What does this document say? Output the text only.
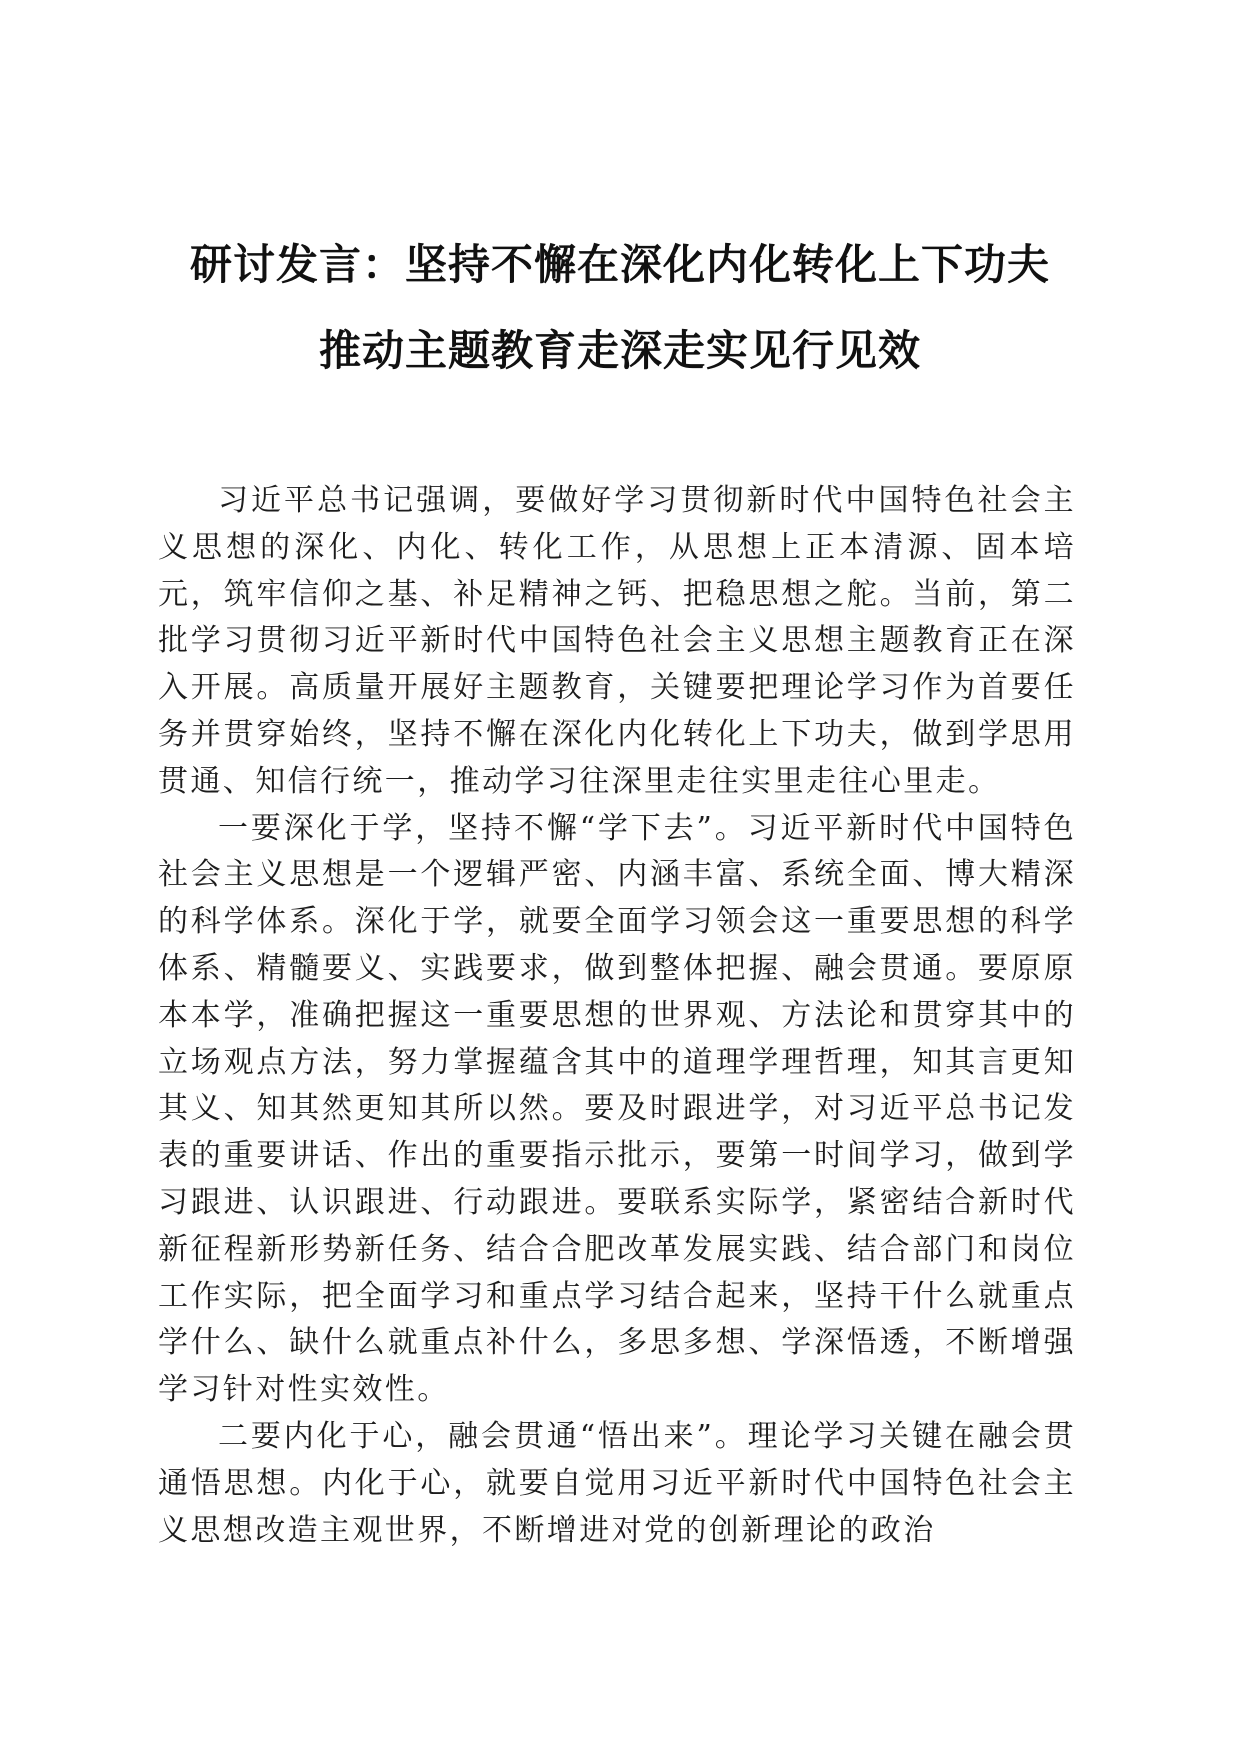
研讨发言：坚持不懈在深化内化转化上下功夫
推动主题教育走深走实见行见效

习近平总书记强调，要做好学习贯彻新时代中国特色社会主义思想的深化、内化、转化工作，从思想上正本清源、固本培元，筑牢信仰之基、补足精神之钙、把稳思想之舵。当前，第二批学习贯彻习近平新时代中国特色社会主义思想主题教育正在深入开展。高质量开展好主题教育，关键要把理论学习作为首要任务并贯穿始终，坚持不懈在深化内化转化上下功夫，做到学思用贯通、知信行统一，推动学习往深里走往实里走往心里走。

一要深化于学，坚持不懈“学下去”。习近平新时代中国特色社会主义思想是一个逻辑严密、内涵丰富、系统全面、博大精深的科学体系。深化于学，就要全面学习领会这一重要思想的科学体系、精髓要义、实践要求，做到整体把握、融会贯通。要原原本本学，准确把握这一重要思想的世界观、方法论和贯穿其中的立场观点方法，努力掌握蕴含其中的道理学理哲理，知其言更知其义、知其然更知其所以然。要及时跟进学，对习近平总书记发表的重要讲话、作出的重要指示批示，要第一时间学习，做到学习跟进、认识跟进、行动跟进。要联系实际学，紧密结合新时代新征程新形势新任务、结合合肥改革发展实践、结合部门和岗位工作实际，把全面学习和重点学习结合起来，坚持干什么就重点学什么、缺什么就重点补什么，多思多想、学深悟透，不断增强学习针对性实效性。

二要内化于心，融会贯通“悟出来”。理论学习关键在融会贯通悟思想。内化于心，就要自觉用习近平新时代中国特色社会主义思想改造主观世界，不断增进对党的创新理论的政治
